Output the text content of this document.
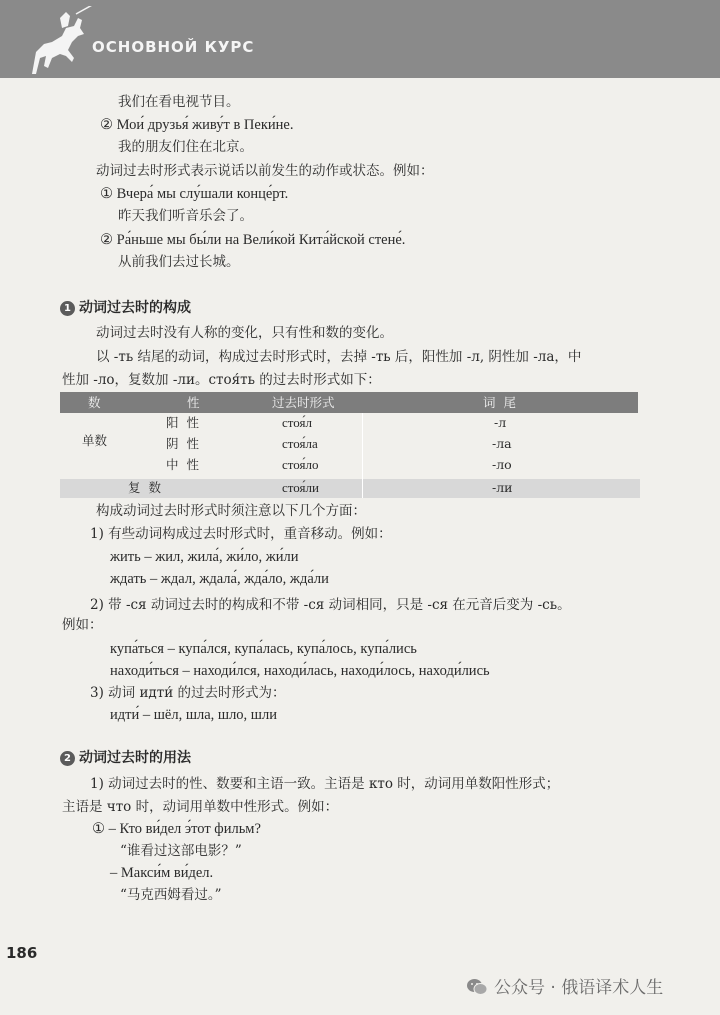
ОСНОВНОЙ КУРС
我们在看电视节目。
② Мои́ друзья́ живу́т в Пеки́не.
我的朋友们住在北京。
动词过去时形式表示说话以前发生的动作或状态。例如：
① Вчера́ мы слу́шали конце́рт.
昨天我们听音乐会了。
② Ра́ньше мы бы́ли на Вели́кой Кита́йской стене́.
从前我们去过长城。
1 动词过去时的构成
动词过去时没有人称的变化，只有性和数的变化。
以 -ть 结尾的动词，构成过去时形式时，去掉 -ть 后，阳性加 -л, 阴性加 -ла，中
性加 -ло，复数加 -ли。стоя́ть 的过去时形式如下：
数	性	过去时形式	词  尾
单数
阳  性	стоя́л	-л
阴  性	стоя́ла	-ла
中  性	стоя́ло	-ло
复  数	стоя́ли	-ли
构成动词过去时形式时须注意以下几个方面：
1) 有些动词构成过去时形式时，重音移动。例如：
жить – жил, жила́, жи́ло, жи́ли
ждать – ждал, ждала́, жда́ло, жда́ли
2) 带 -ся 动词过去时的构成和不带 -ся 动词相同，只是 -ся 在元音后变为 -сь。
例如：
купа́ться – купа́лся, купа́лась, купа́лось, купа́лись
находи́ться – находи́лся, находи́лась, находи́лось, находи́лись
3) 动词 идти́ 的过去时形式为：
идти́ – шёл, шла, шло, шли
2 动词过去时的用法
1) 动词过去时的性、数要和主语一致。主语是 кто 时，动词用单数阳性形式；
主语是 что 时，动词用单数中性形式。例如：
① – Кто ви́дел э́тот фильм?
“谁看过这部电影？”
– Макси́м ви́дел.
“马克西姆看过。”
186
公众号 · 俄语译术人生
